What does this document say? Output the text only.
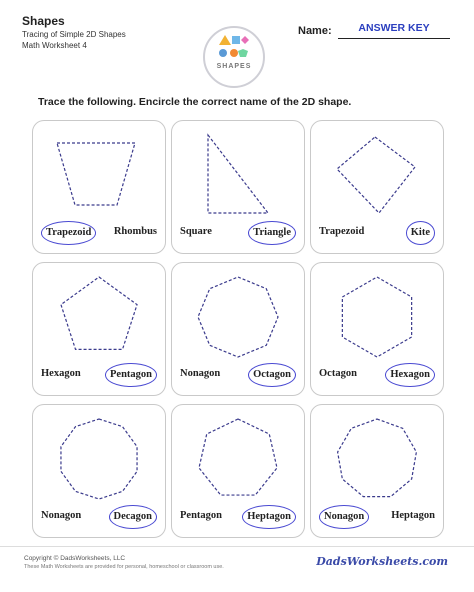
Shapes
Tracing of Simple 2D Shapes
Math Worksheet 4
SHAPES
Name:	ANSWER KEY
Trace the following. Encircle the correct name of the 2D shape.
Trapezoid	Rhombus Square	Triangle	Trapezoid	Kite
Hexagon	Pentagon	Nonagon	Octagon	Octagon	Hexagon
Nonagon	Decagon	Pentagon	Heptagon	Nonagon	Heptagon
Copyright © DadsWorksheets, LLC
These Math Worksheets are provided for personal, homeschool or classroom use.	DadsWorksheets.com
